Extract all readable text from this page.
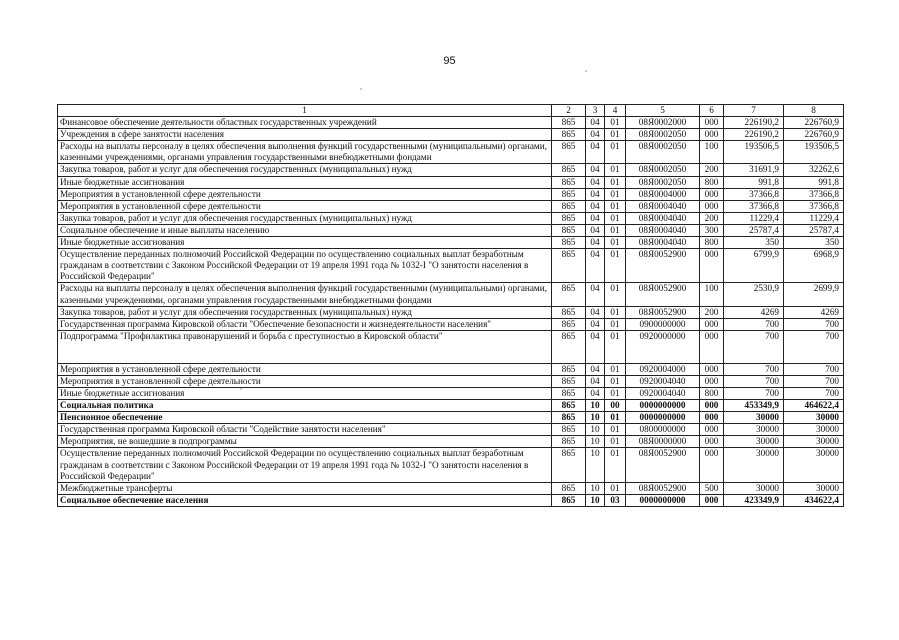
95
1	2	3	4	5	6	7	8
Финансовое обеспечение деятельности областных государственных учреждений	865	04	01	08Я0002000	000	226190,2	226760,9
Учреждения в сфере занятости населения	865	04	01	08Я0002050	000	226190,2	226760,9
Расходы на выплаты персоналу в целях обеспечения выполнения функций государственными (муниципальными) органами, казенными учреждениями, органами управления государственными внебюджетными фондами	865	04	01	08Я0002050	100	193506,5	193506,5
Закупка товаров, работ и услуг для обеспечения государственных (муниципальных) нужд	865	04	01	08Я0002050	200	31691,9	32262,6
Иные бюджетные ассигнования	865	04	01	08Я0002050	800	991,8	991,8
Мероприятия в установленной сфере деятельности	865	04	01	08Я0004000	000	37366,8	37366,8
Мероприятия в установленной сфере деятельности	865	04	01	08Я0004040	000	37366,8	37366,8
Закупка товаров, работ и услуг для обеспечения государственных (муниципальных) нужд	865	04	01	08Я0004040	200	11229,4	11229,4
Социальное обеспечение и иные выплаты населению	865	04	01	08Я0004040	300	25787,4	25787,4
Иные бюджетные ассигнования	865	04	01	08Я0004040	800	350	350
Осуществление переданных полномочий Российской Федерации по осуществлению социальных выплат безработным гражданам в соответствии с Законом Российской Федерации от 19 апреля 1991 года № 1032-I "О занятости населения в Российской Федерации"	865	04	01	08Я0052900	000	6799,9	6968,9
Расходы на выплаты персоналу в целях обеспечения выполнения функций государственными (муниципальными) органами, казенными учреждениями, органами управления государственными внебюджетными фондами	865	04	01	08Я0052900	100	2530,9	2699,9
Закупка товаров, работ и услуг для обеспечения государственных (муниципальных) нужд	865	04	01	08Я0052900	200	4269	4269
Государственная программа Кировской области "Обеспечение безопасности и жизнедеятельности населения"	865	04	01	0900000000	000	700	700
Подпрограмма "Профилактика правонарушений и борьба с преступностью в Кировской области"	865	04	01	0920000000	000	700	700
Мероприятия в установленной сфере деятельности	865	04	01	0920004000	000	700	700
Мероприятия в установленной сфере деятельности	865	04	01	0920004040	000	700	700
Иные бюджетные ассигнования	865	04	01	0920004040	800	700	700
Социальная политика	865	10	00	0000000000	000	453349,9	464622,4
Пенсионное обеспечение	865	10	01	0000000000	000	30000	30000
Государственная программа Кировской области "Содействие занятости населения"	865	10	01	0800000000	000	30000	30000
Мероприятия, не вошедшие в подпрограммы	865	10	01	08Я0000000	000	30000	30000
Осуществление переданных полномочий Российской Федерации по осуществлению социальных выплат безработным гражданам в соответствии с Законом Российской Федерации от 19 апреля 1991 года № 1032-I "О занятости населения в Российской Федерации"	865	10	01	08Я0052900	000	30000	30000
Межбюджетные трансферты	865	10	01	08Я0052900	500	30000	30000
Социальное обеспечение населения	865	10	03	0000000000	000	423349,9	434622,4
